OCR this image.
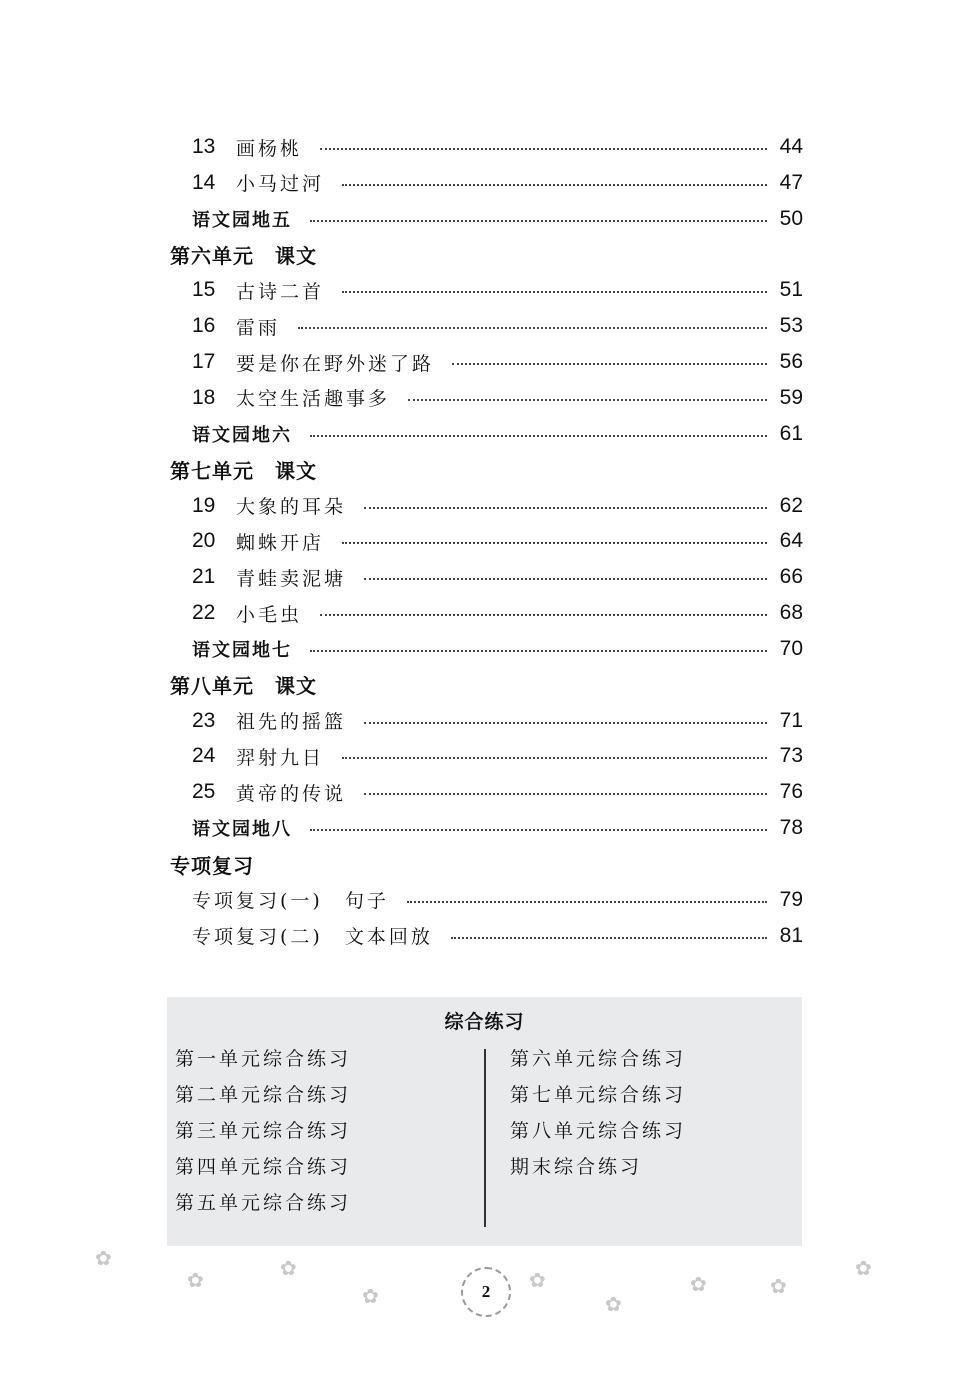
13	画杨桃	44
14	小马过河	47
语文园地五	50
第六单元　课文
15	古诗二首	51
16	雷雨	53
17	要是你在野外迷了路	56
18	太空生活趣事多	59
语文园地六	61
第七单元　课文
19	大象的耳朵	62
20	蜘蛛开店	64
21	青蛙卖泥塘	66
22	小毛虫	68
语文园地七	70
第八单元　课文
23	祖先的摇篮	71
24	羿射九日	73
25	黄帝的传说	76
语文园地八	78
专项复习
专项复习(一)　句子	79
专项复习(二)　文本回放	81
综合练习
第一单元综合练习
第二单元综合练习
第三单元综合练习
第四单元综合练习
第五单元综合练习
第六单元综合练习
第七单元综合练习
第八单元综合练习
期末综合练习
✿
✿	✿
✿
✿
✿
✿	✿
✿
2
